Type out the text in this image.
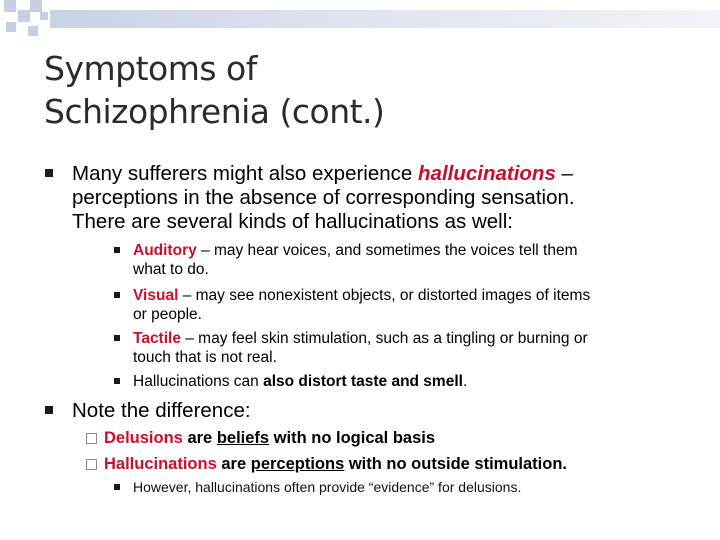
Symptoms of
Schizophrenia (cont.)
Many sufferers might also experience hallucinations –
perceptions in the absence of corresponding sensation.
There are several kinds of hallucinations as well:
Auditory – may hear voices, and sometimes the voices tell them
what to do.
Visual – may see nonexistent objects, or distorted images of items
or people.
Tactile – may feel skin stimulation, such as a tingling or burning or
touch that is not real.
Hallucinations can also distort taste and smell.
Note the difference:
Delusions are beliefs with no logical basis
Hallucinations are perceptions with no outside stimulation.
However, hallucinations often provide “evidence” for delusions.
